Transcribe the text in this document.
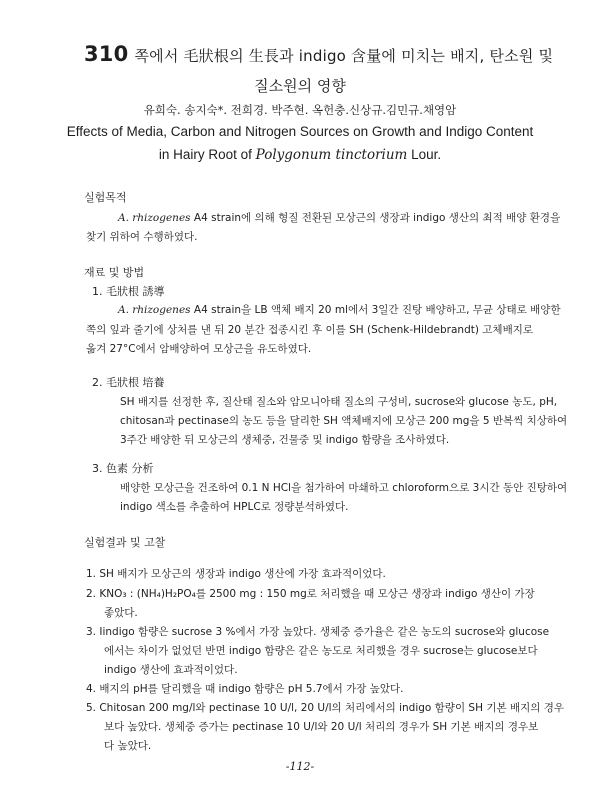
310 쪽에서 毛狀根의 生長과 indigo 含量에 미치는 배지, 탄소원 및
질소원의 영향
유희숙. 송지숙*. 전희경. 박주현. 옥헌충.신상규.김민규.채영암
Effects of Media, Carbon and Nitrogen Sources on Growth and Indigo Content
in Hairy Root of Polygonum tinctorium Lour.
실험목적
A. rhizogenes A4 strain에 의해 형질 전환된 모상근의 생장과 indigo 생산의 최적 배양 환경을
찾기 위하여 수행하였다.
재료 및 방법
1. 毛狀根 誘導
A. rhizogenes A4 strain을 LB 액체 배지 20 ml에서 3일간 진탕 배양하고, 무균 상태로 배양한
쪽의 잎과 줄기에 상처를 낸 뒤 20 분간 접종시킨 후 이를 SH (Schenk-Hildebrandt) 고체배지로
옮겨 27°C에서 암배양하여 모상근을 유도하였다.
2. 毛狀根 培養
SH 배지를 선정한 후, 질산태 질소와 암모니아태 질소의 구성비, sucrose와 glucose 농도, pH,
chitosan과 pectinase의 농도 등을 달리한 SH 액체배지에 모상근 200 mg을 5 반복씩 치상하여
3주간 배양한 뒤 모상근의 생체중, 건물중 및 indigo 함량을 조사하였다.
3. 色素 分析
배양한 모상근을 건조하여 0.1 N HCl을 첨가하여 마쇄하고 chloroform으로 3시간 동안 진탕하여
indigo 색소를 추출하여 HPLC로 정량분석하였다.
실험결과 및 고찰
1. SH 배지가 모상근의 생장과 indigo 생산에 가장 효과적이었다.
2. KNO₃ : (NH₄)H₂PO₄를 2500 mg : 150 mg로 처리했을 때 모상근 생장과 indigo 생산이 가장
좋았다.
3. Iindigo 함량은 sucrose 3 %에서 가장 높았다. 생체중 증가율은 같은 농도의 sucrose와 glucose
에서는 차이가 없었던 반면 indigo 함량은 같은 농도로 처리했을 경우 sucrose는 glucose보다
indigo 생산에 효과적이었다.
4. 배지의 pH를 달리했을 때 indigo 함량은 pH 5.7에서 가장 높았다.
5. Chitosan 200 mg/l와 pectinase 10 U/l, 20 U/l의 처리에서의 indigo 함량이 SH 기본 배지의 경우
보다 높았다. 생체중 증가는 pectinase 10 U/l와 20 U/l 처리의 경우가 SH 기본 배지의 경우보
다 높았다.
-112-
